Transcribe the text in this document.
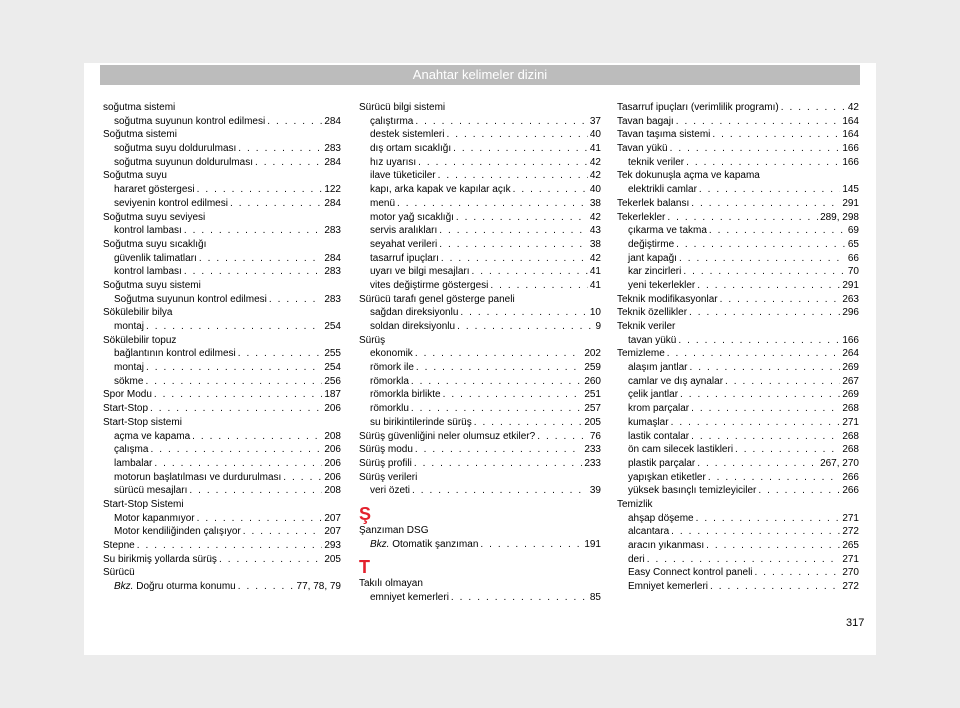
Anahtar kelimeler dizini
soğutma sistemi
soğutma suyunun kontrol edilmesi . . .	284
Soğutma sistemi
soğutma suyu doldurulması . . .	283
soğutma suyunun doldurulması . . .	284
Soğutma suyu
hararet göstergesi . . .	122
seviyenin kontrol edilmesi . . .	284
Soğutma suyu seviyesi
kontrol lambası . . .	283
Soğutma suyu sıcaklığı
güvenlik talimatları . . .	284
kontrol lambası . . .	283
Soğutma suyu sistemi
Soğutma suyunun kontrol edilmesi . . .	283
Sökülebilir bilya
montaj . . .	254
Sökülebilir topuz
bağlantının kontrol edilmesi . . .	255
montaj . . .	254
sökme . . .	256
Spor Modu . . .	187
Start-Stop . . .	206
Start-Stop sistemi
açma ve kapama . . .	208
çalışma . . .	206
lambalar . . .	206
motorun başlatılması ve durdurulması . . .	206
sürücü mesajları . . .	208
Start-Stop Sistemi
Motor kapanmıyor . . .	207
Motor kendiliğinden çalışıyor . . .	207
Stepne . . .	293
Su birikmiş yollarda sürüş . . .	205
Sürücü
Bkz. Doğru oturma konumu . . .	77, 78, 79
Sürücü bilgi sistemi
çalıştırma . . .	37
destek sistemleri . . .	40
dış ortam sıcaklığı . . .	41
hız uyarısı . . .	42
ilave tüketiciler . . .	42
kapı, arka kapak ve kapılar açık . . .	40
menü . . .	38
motor yağ sıcaklığı . . .	42
servis aralıkları . . .	43
seyahat verileri . . .	38
tasarruf ipuçları . . .	42
uyarı ve bilgi mesajları . . .	41
vites değiştirme göstergesi . . .	41
Sürücü tarafı genel gösterge paneli
sağdan direksiyonlu . . .	10
soldan direksiyonlu . . .	9
Sürüş
ekonomik . . .	202
römork ile . . .	259
römorkla . . .	260
römorkla birlikte . . .	251
römorklu . . .	257
su birikintilerinde sürüş . . .	205
Sürüş güvenliğini neler olumsuz etkiler? . . .	76
Sürüş modu . . .	233
Sürüş profili . . .	233
Sürüş verileri
veri özeti . . .	39
Ş
Şanzıman DSG
Bkz. Otomatik şanzıman . . .	191
T
Takılı olmayan
emniyet kemerleri . . .	85
Tasarruf ipuçları (verimlilik programı) . . .	42
Tavan bagajı . . .	164
Tavan taşıma sistemi . . .	164
Tavan yükü . . .	166
teknik veriler . . .	166
Tek dokunuşla açma ve kapama
elektrikli camlar . . .	145
Tekerlek balansı . . .	291
Tekerlekler . . .	289, 298
çıkarma ve takma . . .	69
değiştirme . . .	65
jant kapağı . . .	66
kar zincirleri . . .	70
yeni tekerlekler . . .	291
Teknik modifikasyonlar . . .	263
Teknik özellikler . . .	296
Teknik veriler
tavan yükü . . .	166
Temizleme . . .	264
alaşım jantlar . . .	269
camlar ve dış aynalar . . .	267
çelik jantlar . . .	269
krom parçalar . . .	268
kumaşlar . . .	271
lastik contalar . . .	268
ön cam silecek lastikleri . . .	268
plastik parçalar . . .	267, 270
yapışkan etiketler . . .	266
yüksek basınçlı temizleyiciler . . .	266
Temizlik
ahşap döşeme . . .	271
alcantara . . .	272
aracın yıkanması . . .	265
deri . . .	271
Easy Connect kontrol paneli . . .	270
Emniyet kemerleri . . .	272
317
